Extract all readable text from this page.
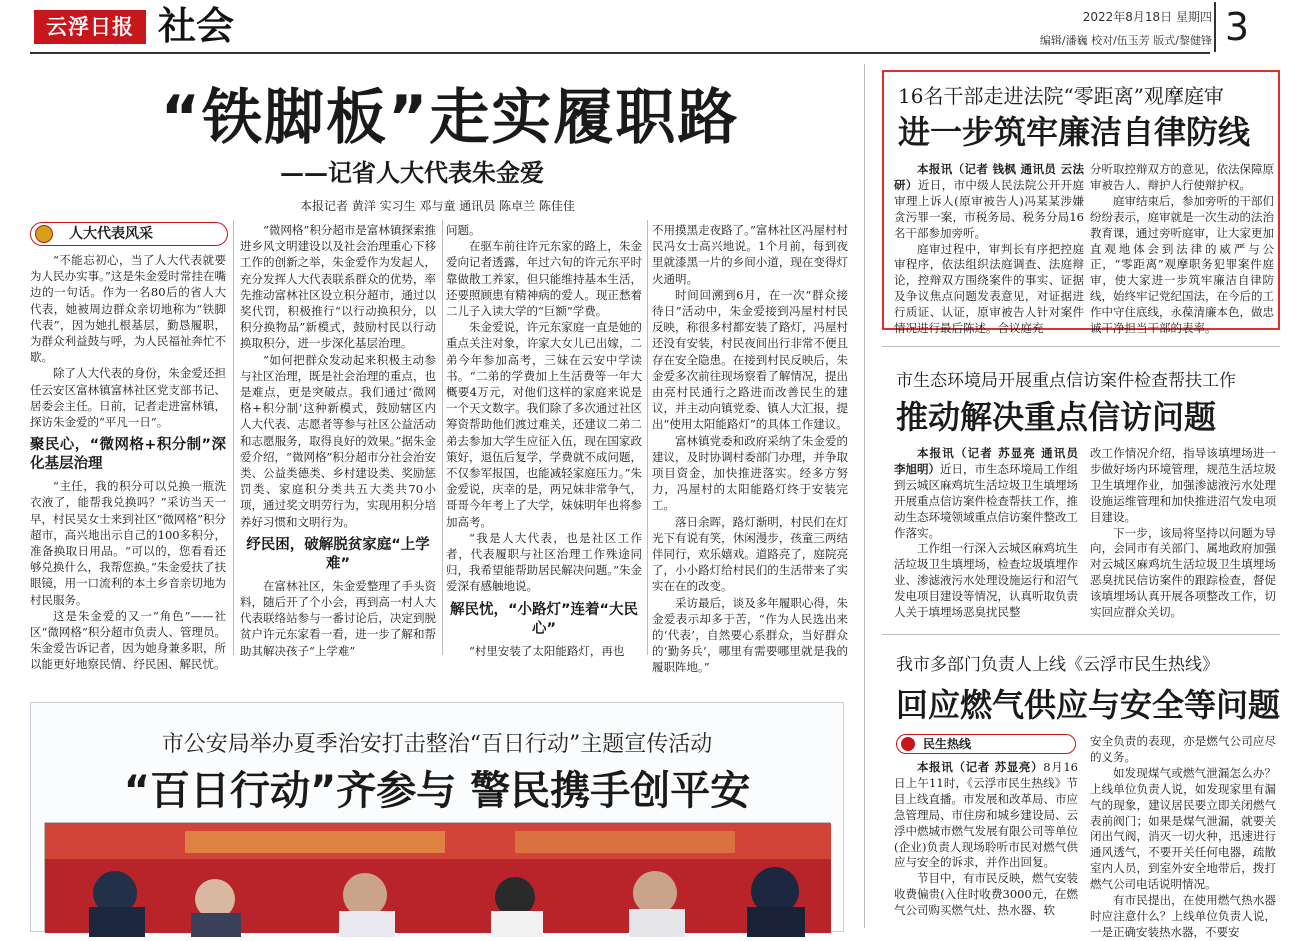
云浮日报 社会	2022年8月18日 星期四
编辑/潘巍 校对/伍玉芳 版式/黎健锋 3
“铁脚板”走实履职路
——记省人大代表朱金爱
本报记者 黄洋 实习生 邓与童 通讯员 陈卓兰 陈佳佳
人大代表风采

“不能忘初心，当了人大代表就要为人民办实事。”这是朱金爱时常挂在嘴边的一句话。作为一名80后的省人大代表，她被周边群众亲切地称为“铁脚代表”，因为她扎根基层，勤恳履职，为群众利益鼓与呼，为人民福祉奔忙不歇。

除了人大代表的身份，朱金爱还担任云安区富林镇富林社区党支部书记、居委会主任。日前，记者走进富林镇，探访朱金爱的“平凡一日”。

聚民心，“微网格+积分制”深化基层治理

“主任，我的积分可以兑换一瓶洗衣液了，能帮我兑换吗？”采访当天一早，村民吴女士来到社区“微网格”积分超市，高兴地出示自己的100多积分，准备换取日用品。“可以的，您看看还够兑换什么，我帮您换。”朱金爱扶了扶眼镜，用一口流利的本土乡音亲切地为村民服务。

这是朱金爱的又一“角色”——社区“微网格”积分超市负责人、管理员。朱金爱告诉记者，因为她身兼多职，所以能更好地察民情、纾民困、解民忧。

“微网格”积分超市是富林镇探索推进乡风文明建设以及社会治理重心下移工作的创新之举，朱金爱作为发起人，充分发挥人大代表联系群众的优势，率先推动富林社区设立积分超市，通过以奖代罚，积极推行“以行动换积分，以积分换物品”新模式，鼓励村民以行动换取积分，进一步深化基层治理。

“如何把群众发动起来积极主动参与社区治理，既是社会治理的重点，也是难点，更是突破点。我们通过‘微网格+积分制’这种新模式，鼓励辖区内人大代表、志愿者等参与社区公益活动和志愿服务，取得良好的效果。”据朱金爱介绍，“微网格”积分超市分社会治安类、公益类德类、乡村建设类、奖励惩罚类、家庭积分类共五大类共70小项，通过奖文明劳行为，实现用积分培养好习惯和文明行为。

纾民困，破解脱贫家庭“上学难”

在富林社区，朱金爱整理了手头资料，随后开了个小会，再到高一村人大代表联络站参与一番讨论后，决定到脱贫户许元东家看一看，进一步了解和帮助其解决孩子“上学难”

问题。

在驱车前往许元东家的路上，朱金爱向记者透露，年过六旬的许元东平时靠做散工养家，但只能维持基本生活，还要照顾患有精神病的爱人。现正愁着二儿子入读大学的“巨额”学费。

朱金爱说，许元东家庭一直是她的重点关注对象，许家大女儿已出嫁，二弟今年参加高考，三妹在云安中学读书。“二弟的学费加上生活费等一年大概要4万元，对他们这样的家庭来说是一个天文数字。我们除了多次通过社区筹资帮助他们渡过难关，还建议二弟二弟去参加大学生应征入伍，现在国家政策好，退伍后复学，学费就不成问题，不仅参军报国，也能减轻家庭压力。”朱金爱说，庆幸的是，两兄妹非常争气，哥哥今年考上了大学，妹妹明年也将参加高考。

“我是人大代表，也是社区工作者，代表履职与社区治理工作殊途同归，我希望能帮助居民解决问题。”朱金爱深有感触地说。

解民忧，“小路灯”连着“大民心”

“村里安装了太阳能路灯，再也

不用摸黑走夜路了。”富林社区冯屋村村民冯女士高兴地说。1个月前，每到夜里就漆黑一片的乡间小道，现在变得灯火通明。

时间回溯到6月，在一次“群众接待日”活动中，朱金爱接到冯屋村村民反映，称很多村都安装了路灯，冯屋村还没有安装，村民夜间出行非常不便且存在安全隐患。在接到村民反映后，朱金爱多次前往现场察看了解情况，提出由亮村民通行之路进而改善民生的建议，并主动向镇党委、镇人大汇报，提出“使用太阳能路灯”的具体工作建议。

富林镇党委和政府采纳了朱金爱的建议，及时协调村委部门办理，并争取项目资金，加快推进落实。经多方努力，冯屋村的太阳能路灯终于安装完工。

落日余晖，路灯渐明，村民们在灯光下有说有笑，休闲漫步，孩童三两结伴同行，欢乐嬉戏。道路亮了，庭院亮了，小小路灯给村民们的生活带来了实实在在的改变。

采访最后，谈及多年履职心得，朱金爱表示却多于苦，“作为人民选出来的‘代表’，自然要心系群众，当好群众的‘勤务兵’，哪里有需要哪里就是我的履职阵地。”

16名干部走进法院“零距离”观摩庭审
进一步筑牢廉洁自律防线

本报讯（记者 钱枫 通讯员 云法研）近日，市中级人民法院公开开庭审理上诉人(原审被告人)冯某某涉嫌贪污罪一案，市税务局、税务分局16名干部参加旁听。

庭审过程中，审判长有序把控庭审程序，依法组织法庭调查、法庭辩论，控辩双方围绕案件的事实、证据及争议焦点问题发表意见，对证据进行质证、认证，原审被告人针对案件情况进行最后陈述。合议庭充

分听取控辩双方的意见，依法保障原审被告人、辩护人行使辩护权。

庭审结束后，参加旁听的干部们纷纷表示，庭审就是一次生动的法治教育课，通过旁听庭审，让大家更加直观地体会到法律的威严与公正，“零距离”观摩职务犯罪案件庭审，使大家进一步筑牢廉洁自律防线，始终牢记党纪国法，在今后的工作中守住底线，永葆清廉本色，做忠诚干净担当干部的表率。

市生态环境局开展重点信访案件检查帮扶工作
推动解决重点信访问题

本报讯（记者 苏显亮 通讯员 李旭明）近日，市生态环境局工作组到云城区麻鸡坑生活垃圾卫生填埋场开展重点信访案件检查帮扶工作，推动生态环境领域重点信访案件整改工作落实。

工作组一行深入云城区麻鸡坑生活垃圾卫生填埋场，检查垃圾填埋作业、渗滤液污水处理设施运行和沼气发电项目建设等情况，认真听取负责人关于填埋场恶臭扰民整

改工作情况介绍，指导该填埋场进一步做好场内环境管理，规范生活垃圾卫生填埋作业，加强渗滤液污水处理设施运维管理和加快推进沼气发电项目建设。

下一步，该局将坚持以问题为导向，会同市有关部门、属地政府加强对云城区麻鸡坑生活垃圾卫生填埋场恶臭扰民信访案件的跟踪检查，督促该填埋场认真开展各项整改工作，切实回应群众关切。

我市多部门负责人上线《云浮市民生热线》
回应燃气供应与安全等问题
民生热线

本报讯（记者 苏显亮）8月16日上午11时，《云浮市民生热线》节目上线直播。市发展和改革局、市应急管理局、市住房和城乡建设局、云浮中燃城市燃气发展有限公司等单位(企业)负责人现场聆听市民对燃气供应与安全的诉求，并作出回复。

节目中，有市民反映，燃气安装收费偏贵(入住时收费3000元，在燃气公司购买燃气灶、热水器、软

安全负责的表现，亦是燃气公司应尽的义务。

如发现煤气或燃气泄漏怎么办？上线单位负责人说，如发现家里有漏气的现象，建议居民要立即关闭燃气表前阀门；如果是煤气泄漏，就要关闭出气阀，消灭一切火种，迅速进行通风透气，不要开关任何电器，疏散室内人员，到室外安全地带后，拨打燃气公司电话说明情况。

有市民提出，在使用燃气热水器时应注意什么？上线单位负责人说，一是正确安装热水器，不要安

市公安局举办夏季治安打击整治“百日行动”主题宣传活动
“百日行动”齐参与 警民携手创平安
